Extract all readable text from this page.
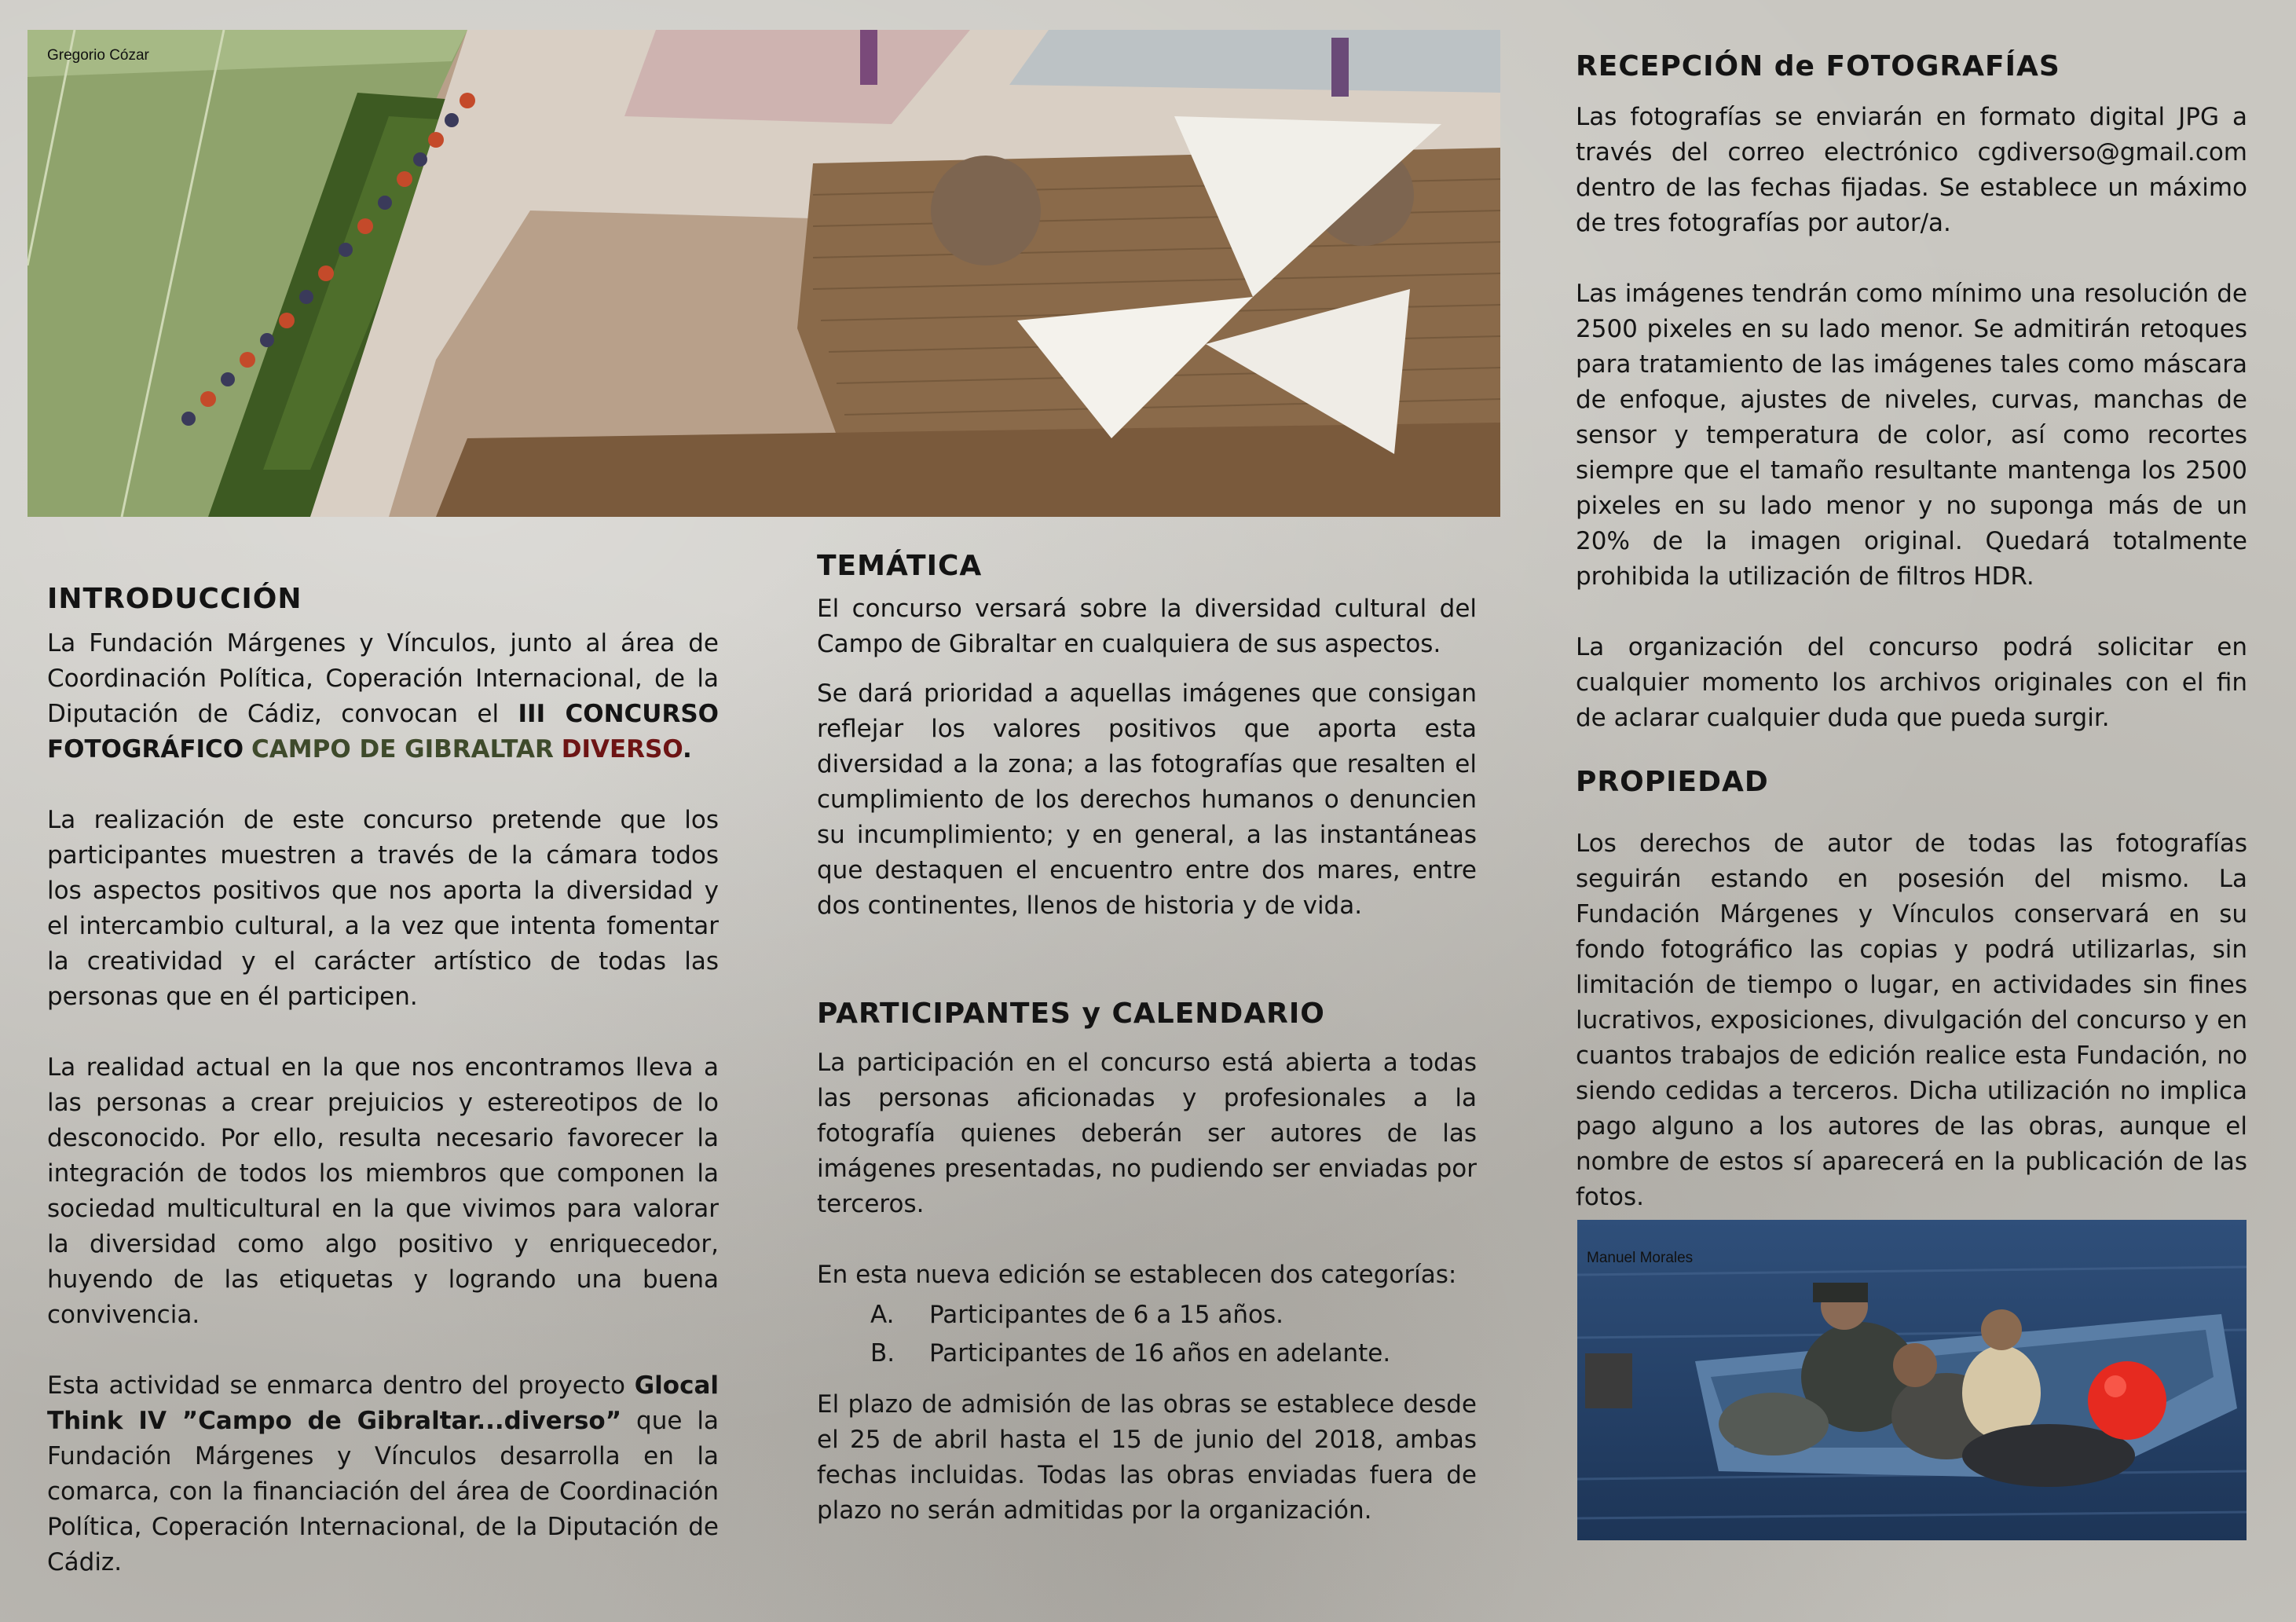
Gregorio Cózar
INTRODUCCIÓN

La Fundación Márgenes y Vínculos, junto al área de Coordinación Política, Coperación Internacional, de la Diputación de Cádiz, convocan el III CONCURSO FOTOGRÁFICO CAMPO DE GIBRALTAR DIVERSO.

La realización de este concurso pretende que los participantes muestren a través de la cámara todos los aspectos positivos que nos aporta la diversidad y el intercambio cultural, a la vez que intenta fomentar la creatividad y el carácter artístico de todas las personas que en él participen.

La realidad actual en la que nos encontramos lleva a las personas a crear prejuicios y estereotipos de lo desconocido. Por ello, resulta necesario favorecer la integración de todos los miembros que componen la sociedad multicultural en la que vivimos para valorar la diversidad como algo positivo y enriquecedor, huyendo de las etiquetas y logrando una buena convivencia.

Esta actividad se enmarca dentro del proyecto Glocal Think IV ”Campo de Gibraltar...diverso” que la Fundación Márgenes y Vínculos desarrolla en la comarca, con la financiación del área de Coordinación Política, Coperación Internacional, de la Diputación de Cádiz.

TEMÁTICA

El concurso versará sobre la diversidad cultural del Campo de Gibraltar en cualquiera de sus aspectos.

Se dará prioridad a aquellas imágenes que consigan reflejar los valores positivos que aporta esta diversidad a la zona; a las fotografías que resalten el cumplimiento de los derechos humanos o denuncien su incumplimiento; y en general, a las instantáneas que destaquen el encuentro entre dos mares, entre dos continentes, llenos de historia y de vida.

PARTICIPANTES y CALENDARIO

La participación en el concurso está abierta a todas las personas aficionadas y profesionales a la fotografía quienes deberán ser autores de las imágenes presentadas, no pudiendo ser enviadas por terceros.

En esta nueva edición se establecen dos categorías:

A.	Participantes de 6 a 15 años.
B.	Participantes de 16 años en adelante.

El plazo de admisión de las obras se establece desde el 25 de abril hasta el 15 de junio del 2018, ambas fechas incluidas. Todas las obras enviadas fuera de plazo no serán admitidas por la organización.

RECEPCIÓN de FOTOGRAFÍAS

Las fotografías se enviarán en formato digital JPG a través del correo electrónico cgdiverso@gmail.com dentro de las fechas fijadas. Se establece un máximo de tres fotografías por autor/a.

Las imágenes tendrán como mínimo una resolución de 2500 pixeles en su lado menor. Se admitirán retoques para tratamiento de las imágenes tales como máscara de enfoque, ajustes de niveles, curvas, manchas de sensor y temperatura de color, así como recortes siempre que el tamaño resultante mantenga los 2500 pixeles en su lado menor y no suponga más de un 20% de la imagen original. Quedará totalmente prohibida la utilización de filtros HDR.

La organización del concurso podrá solicitar en cualquier momento los archivos originales con el fin de aclarar cualquier duda que pueda surgir.

PROPIEDAD

Los derechos de autor de todas las fotografías seguirán estando en posesión del mismo. La Fundación Márgenes y Vínculos conservará en su fondo fotográfico las copias y podrá utilizarlas, sin limitación de tiempo o lugar, en actividades sin fines lucrativos, exposiciones, divulgación del concurso y en cuantos trabajos de edición realice esta Fundación, no siendo cedidas a terceros. Dicha utilización no implica pago alguno a los autores de las obras, aunque el nombre de estos sí aparecerá en la publicación de las fotos.

Manuel Morales
